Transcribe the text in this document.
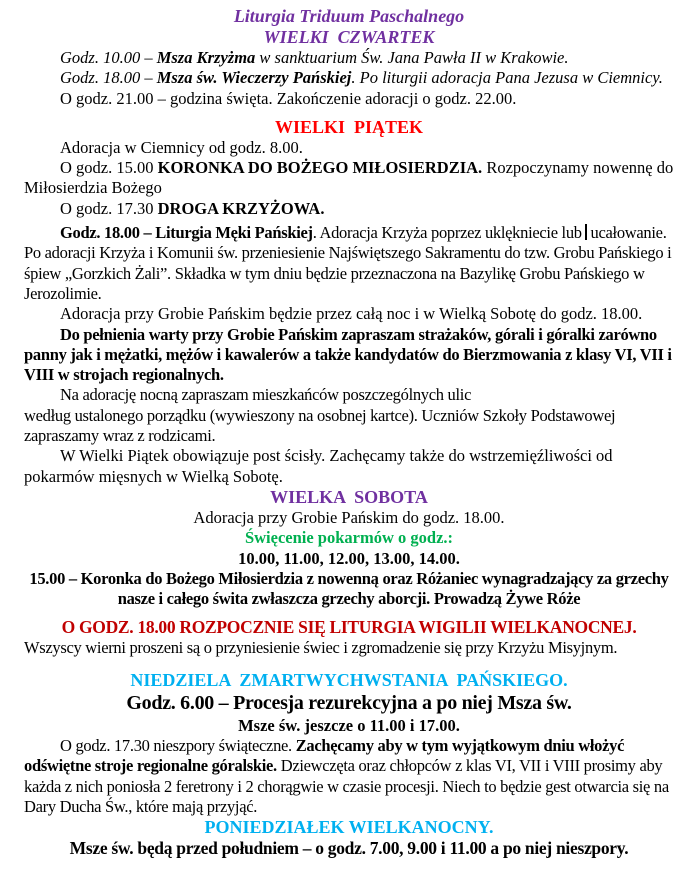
Liturgia Triduum Paschalnego
WIELKI  CZWARTEK
Godz. 10.00 – Msza Krzyżma w sanktuarium Św. Jana Pawła II w Krakowie.
Godz. 18.00 – Msza św. Wieczerzy Pańskiej. Po liturgii adoracja Pana Jezusa w Ciemnicy.
O godz. 21.00 – godzina święta. Zakończenie adoracji o godz. 22.00.
WIELKI  PIĄTEK
Adoracja w Ciemnicy od godz. 8.00.
O godz. 15.00 KORONKA DO BOŻEGO MIŁOSIERDZIA. Rozpoczynamy nowennę do Miłosierdzia Bożego
O godz. 17.30 DROGA KRZYŻOWA.
Godz. 18.00 – Liturgia Męki Pańskiej. Adoracja Krzyża poprzez uklękniecie lub ucałowanie. Po adoracji Krzyża i Komunii św. przeniesienie Najświętszego Sakramentu do tzw. Grobu Pańskiego i śpiew „Gorzkich Żali”. Składka w tym dniu będzie przeznaczona na Bazylikę Grobu Pańskiego w Jerozolimie.
Adoracja przy Grobie Pańskim będzie przez całą noc i w Wielką Sobotę do godz. 18.00.
Do pełnienia warty przy Grobie Pańskim zapraszam strażaków, górali i góralki zarówno panny jak i mężatki, mężów i kawalerów a także kandydatów do Bierzmowania z klasy VI, VII i VIII w strojach regionalnych.
Na adorację nocną zapraszam mieszkańców poszczególnych ulic
według ustalonego porządku (wywieszony na osobnej kartce). Uczniów Szkoły Podstawowej zapraszamy wraz z rodzicami.
W Wielki Piątek obowiązuje post ścisły. Zachęcamy także do wstrzemięźliwości od pokarmów mięsnych w Wielką Sobotę.
WIELKA  SOBOTA
Adoracja przy Grobie Pańskim do godz. 18.00.
Święcenie pokarmów o godz.:
10.00, 11.00, 12.00, 13.00, 14.00.
15.00 – Koronka do Bożego Miłosierdzia z nowenną oraz Różaniec wynagradzający za grzechy nasze i całego świta zwłaszcza grzechy aborcji. Prowadzą Żywe Róże
O GODZ. 18.00 ROZPOCZNIE SIĘ LITURGIA WIGILII WIELKANOCNEJ.
Wszyscy wierni proszeni są o przyniesienie świec i zgromadzenie się przy Krzyżu Misyjnym.
NIEDZIELA  ZMARTWYCHWSTANIA  PAŃSKIEGO.
Godz. 6.00 – Procesja rezurekcyjna a po niej Msza św.
Msze św. jeszcze o 11.00 i 17.00.
O godz. 17.30 nieszpory świąteczne. Zachęcamy aby w tym wyjątkowym dniu włożyć odświętne stroje regionalne góralskie. Dziewczęta oraz chłopców z klas VI, VII i VIII prosimy aby każda z nich poniosła 2 feretrony i 2 chorągwie w czasie procesji. Niech to będzie gest otwarcia się na Dary Ducha Św., które mają przyjąć.
PONIEDZIAŁEK WIELKANOCNY.
Msze św. będą przed południem – o godz. 7.00, 9.00 i 11.00 a po niej nieszpory.
